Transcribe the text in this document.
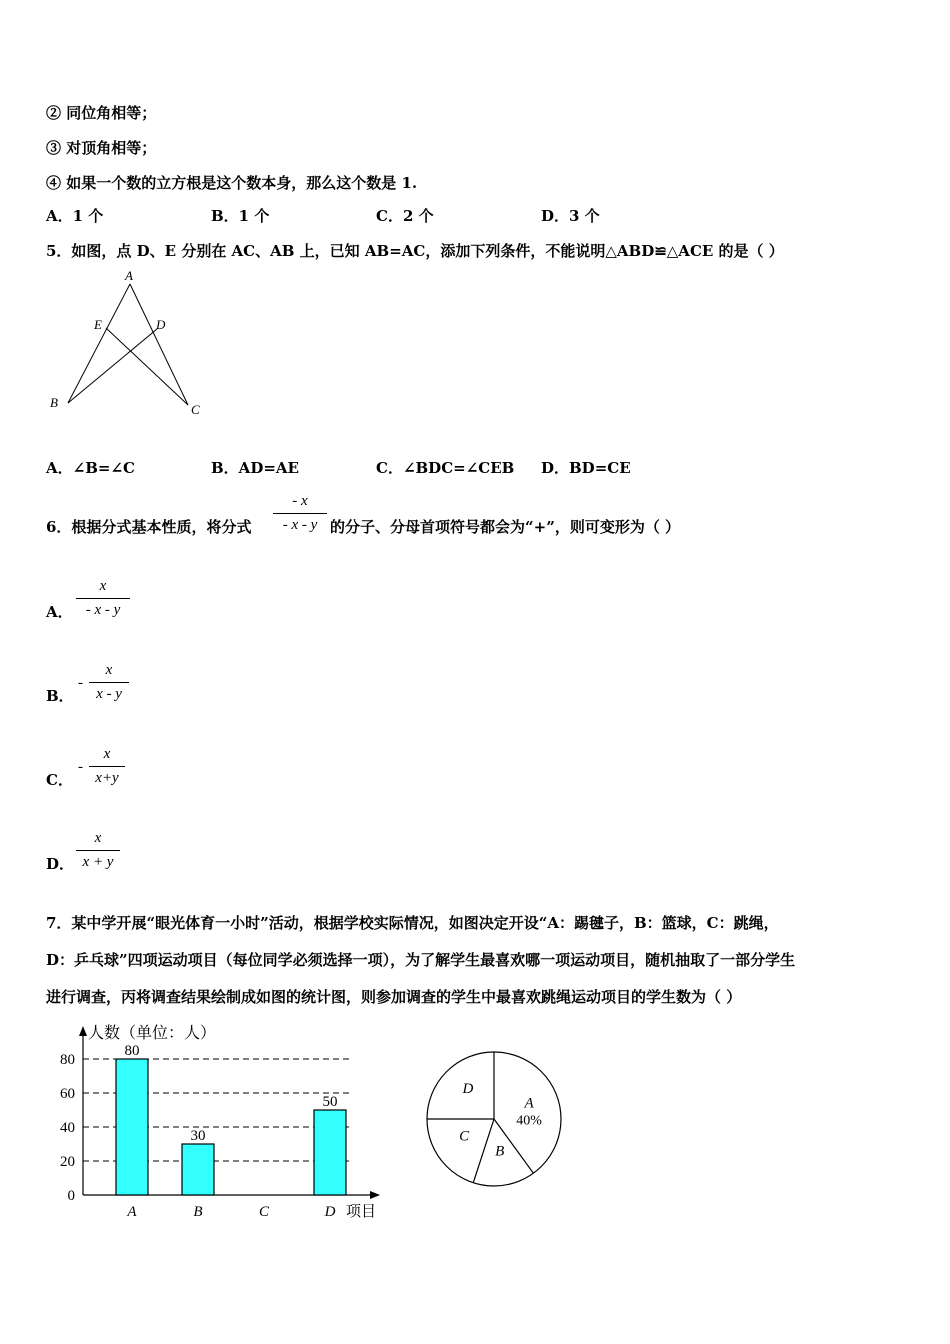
② 同位角相等；
③ 对顶角相等；
④ 如果一个数的立方根是这个数本身，那么这个数是 1.
A．1 个	B．1 个	C．2 个	D．3 个
5．如图，点 D、E 分别在 AC、AB 上，已知 AB=AC，添加下列条件，不能说明△ABD≌△ACE 的是（ ）
A
E	D
B	C
A．∠B=∠C	B．AD=AE	C．∠BDC=∠CEB D．BD=CE
6．根据分式基本性质，将分式
- x
- x - y 的分子、分母首项符号都会为“+”，则可变形为（ ）
A．
x
- x - y
B．
-
x
x - y
C．
-
x
x+y
D．
x
x + y
7．某中学开展“眼光体育一小时”活动，根据学校实际情况，如图决定开设“A：踢毽子，B：篮球，C：跳绳，
D：乒乓球”四项运动项目（每位同学必须选择一项），为了解学生最喜欢哪一项运动项目，随机抽取了一部分学生
进行调查，丙将调查结果绘制成如图的统计图，则参加调查的学生中最喜欢跳绳运动项目的学生数为（ ）
人数（单位：人）
项目
0
20
40
60
80
80
A
30
B	C
50
D
A
40%
B
C
D
